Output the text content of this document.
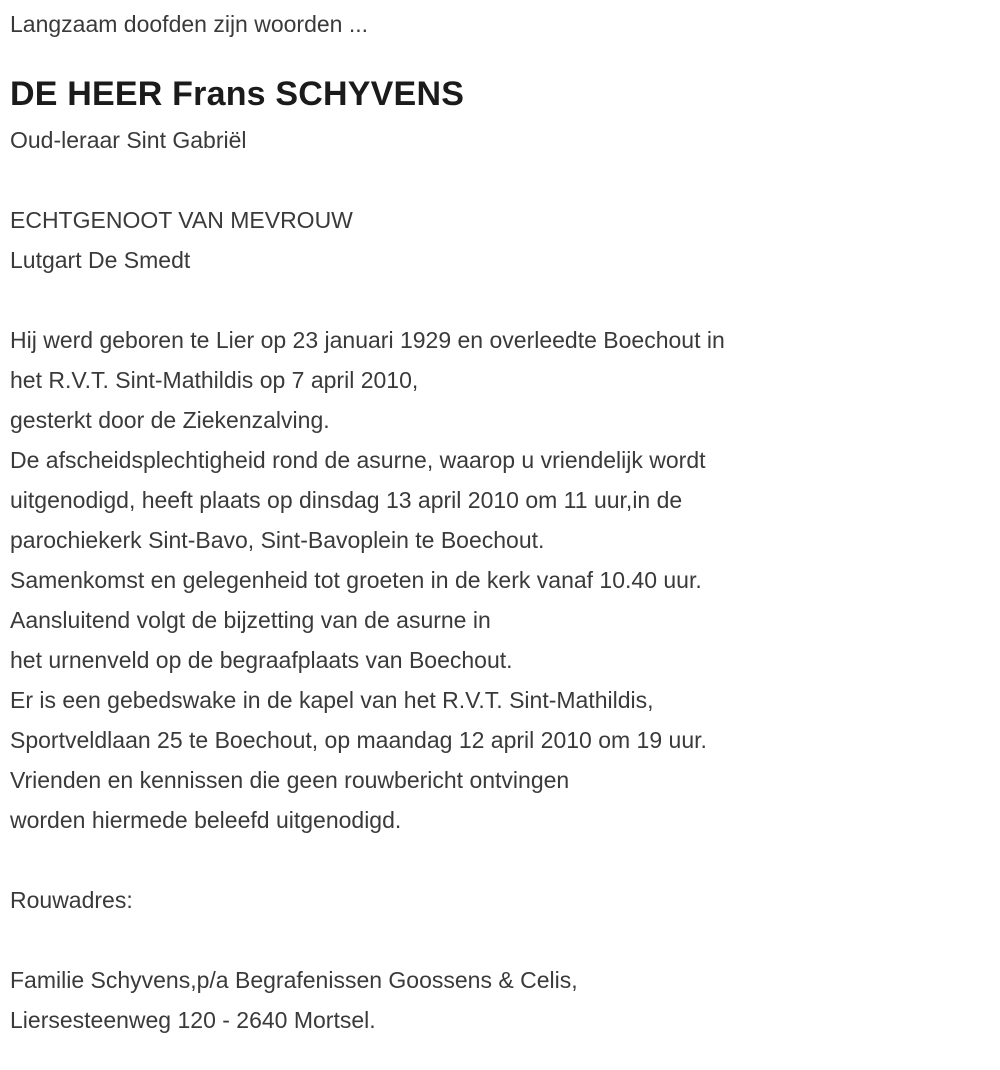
Langzaam doofden zijn woorden ...
DE HEER Frans SCHYVENS
Oud-leraar Sint Gabriël
ECHTGENOOT VAN MEVROUW
Lutgart De Smedt
Hij werd geboren te Lier op 23 januari 1929 en overleedte Boechout in
het R.V.T. Sint-Mathildis op 7 april 2010,
gesterkt door de Ziekenzalving.
De afscheidsplechtigheid rond de asurne, waarop u vriendelijk wordt
uitgenodigd, heeft plaats op dinsdag 13 april 2010 om 11 uur,in de
parochiekerk Sint-Bavo, Sint-Bavoplein te Boechout.
Samenkomst en gelegenheid tot groeten in de kerk vanaf 10.40 uur.
Aansluitend volgt de bijzetting van de asurne in
het urnenveld op de begraafplaats van Boechout.
Er is een gebedswake in de kapel van het R.V.T. Sint-Mathildis,
Sportveldlaan 25 te Boechout, op maandag 12 april 2010 om 19 uur.
Vrienden en kennissen die geen rouwbericht ontvingen
worden hiermede beleefd uitgenodigd.
Rouwadres:
Familie Schyvens,p/a Begrafenissen Goossens & Celis,
Liersesteenweg 120 - 2640 Mortsel.
